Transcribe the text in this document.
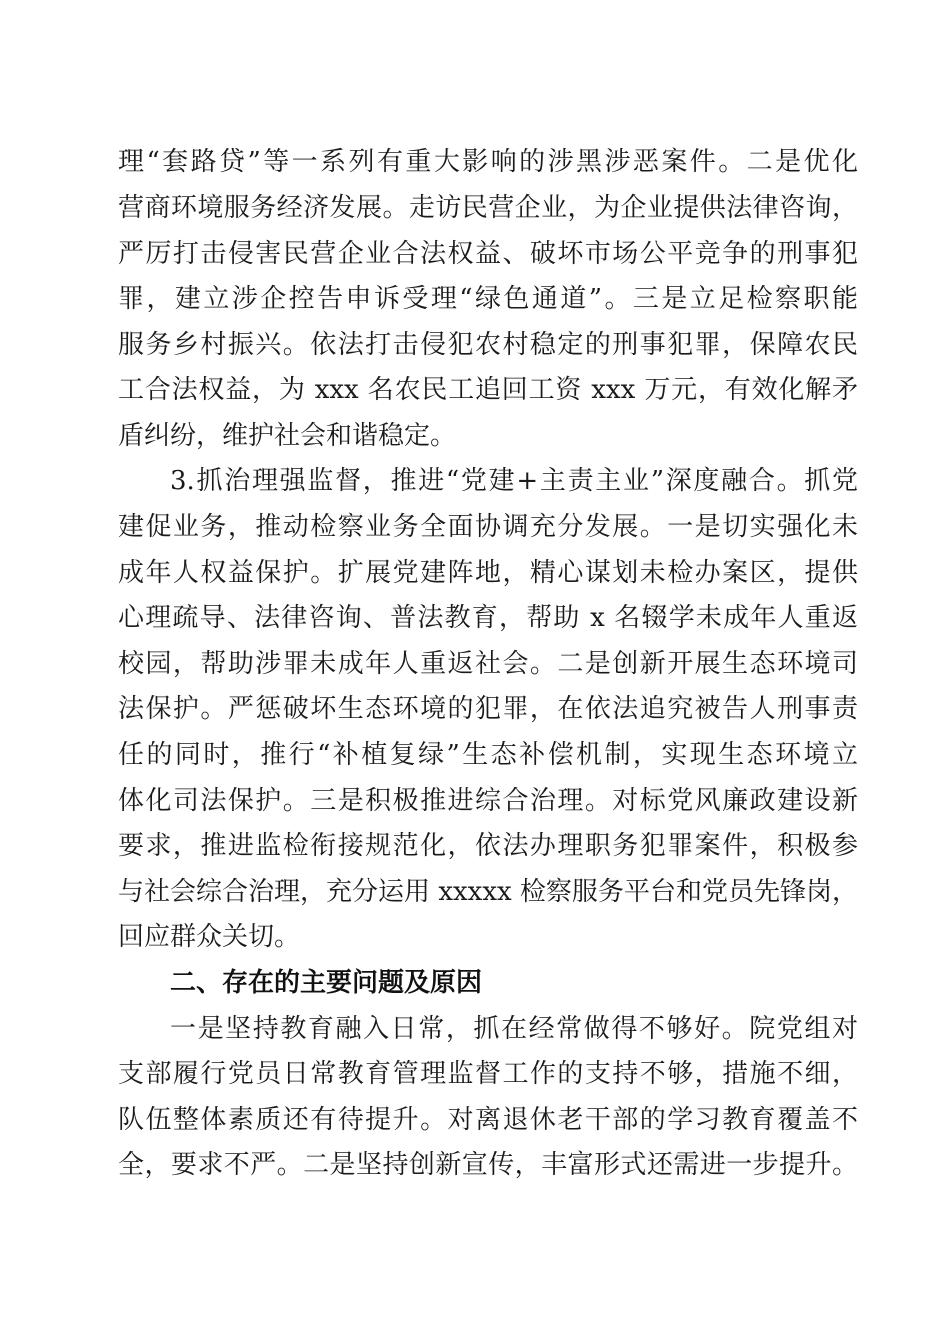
理“套路贷”等一系列有重大影响的涉黑涉恶案件。二是优化
营商环境服务经济发展。走访民营企业，为企业提供法律咨询，
严厉打击侵害民营企业合法权益、破坏市场公平竞争的刑事犯
罪，建立涉企控告申诉受理“绿色通道”。三是立足检察职能
服务乡村振兴。依法打击侵犯农村稳定的刑事犯罪，保障农民
工合法权益，为 xxx 名农民工追回工资 xxx 万元，有效化解矛
盾纠纷，维护社会和谐稳定。
3.抓治理强监督，推进“党建+主责主业”深度融合。抓党
建促业务，推动检察业务全面协调充分发展。一是切实强化未
成年人权益保护。扩展党建阵地，精心谋划未检办案区，提供
心理疏导、法律咨询、普法教育，帮助 x 名辍学未成年人重返
校园，帮助涉罪未成年人重返社会。二是创新开展生态环境司
法保护。严惩破坏生态环境的犯罪，在依法追究被告人刑事责
任的同时，推行“补植复绿”生态补偿机制，实现生态环境立
体化司法保护。三是积极推进综合治理。对标党风廉政建设新
要求，推进监检衔接规范化，依法办理职务犯罪案件，积极参
与社会综合治理，充分运用 xxxxx 检察服务平台和党员先锋岗，
回应群众关切。
二、存在的主要问题及原因
一是坚持教育融入日常，抓在经常做得不够好。院党组对
支部履行党员日常教育管理监督工作的支持不够，措施不细，
队伍整体素质还有待提升。对离退休老干部的学习教育覆盖不
全，要求不严。二是坚持创新宣传，丰富形式还需进一步提升。
